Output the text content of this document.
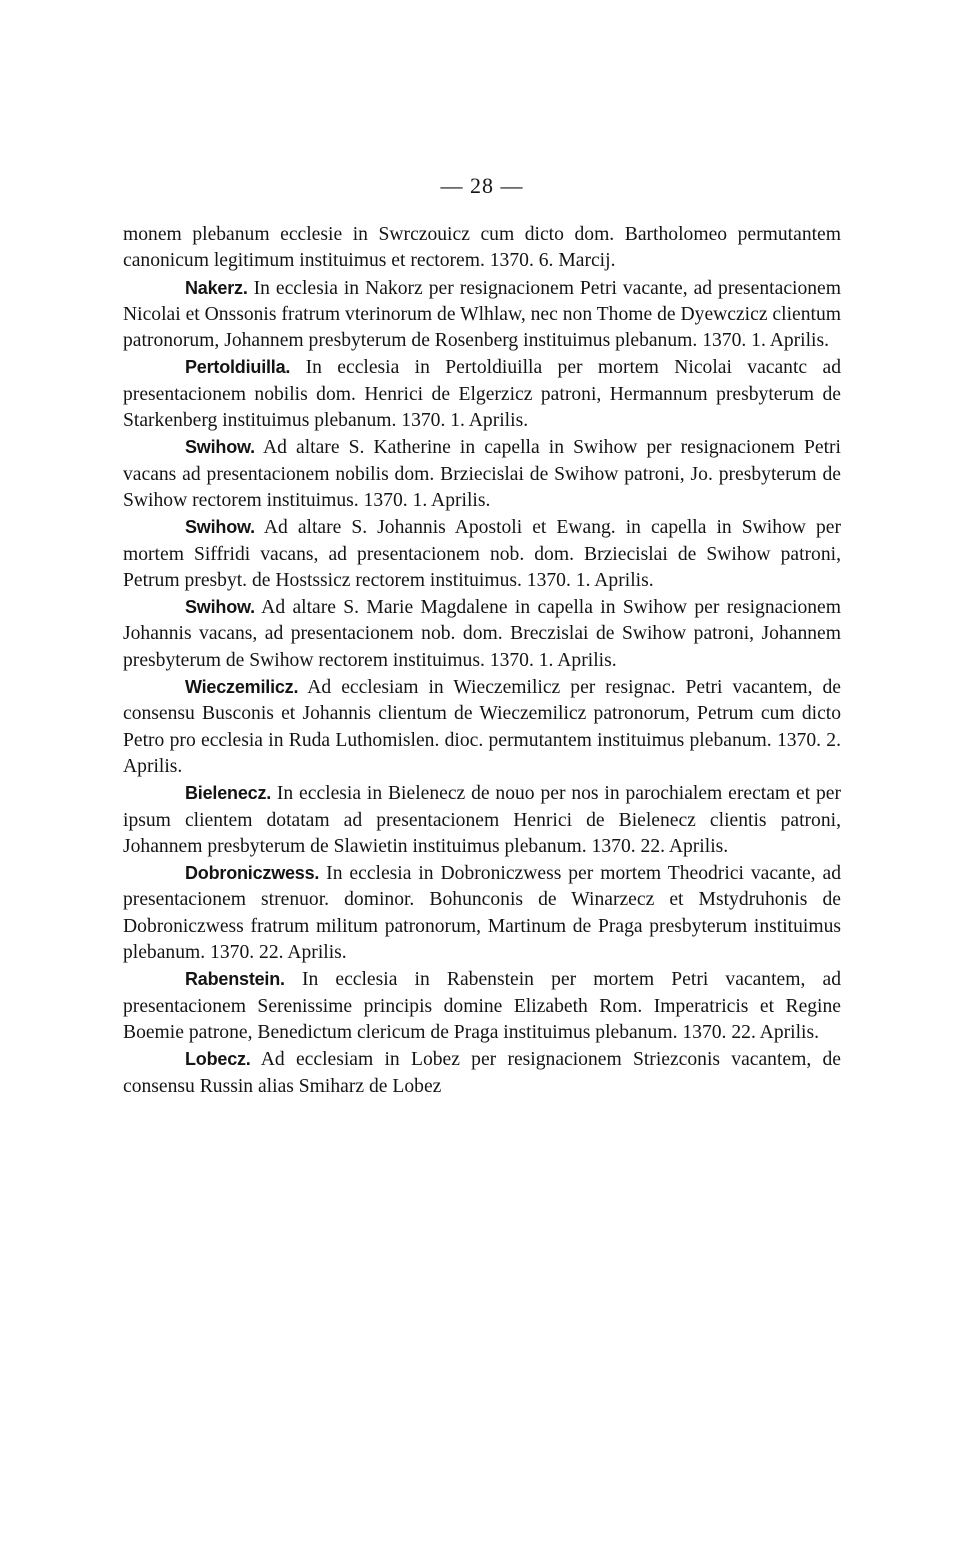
— 28 —

monem plebanum ecclesie in Swrczouicz cum dicto dom. Bartholomeo permutantem canonicum legitimum instituimus et rectorem. 1370. 6. Marcij.

Nakerz. In ecclesia in Nakorz per resignacionem Petri vacante, ad presentacionem Nicolai et Onssonis fratrum vterinorum de Wlhlaw, nec non Thome de Dyewczicz clientum patronorum, Johannem presbyterum de Rosenberg instituimus plebanum. 1370. 1. Aprilis.

Pertoldiuilla. In ecclesia in Pertoldiuilla per mortem Nicolai vacantc ad presentacionem nobilis dom. Henrici de Elgerzicz patroni, Hermannum presbyterum de Starkenberg instituimus plebanum. 1370. 1. Aprilis.

Swihow. Ad altare S. Katherine in capella in Swihow per resignacionem Petri vacans ad presentacionem nobilis dom. Brziecislai de Swihow patroni, Jo. presbyterum de Swihow rectorem instituimus. 1370. 1. Aprilis.

Swihow. Ad altare S. Johannis Apostoli et Ewang. in capella in Swihow per mortem Siffridi vacans, ad presentacionem nob. dom. Brziecislai de Swihow patroni, Petrum presbyt. de Hostssicz rectorem instituimus. 1370. 1. Aprilis.

Swihow. Ad altare S. Marie Magdalene in capella in Swihow per resignacionem Johannis vacans, ad presentacionem nob. dom. Breczislai de Swihow patroni, Johannem presbyterum de Swihow rectorem instituimus. 1370. 1. Aprilis.

Wieczemilicz. Ad ecclesiam in Wieczemilicz per resignac. Petri vacantem, de consensu Busconis et Johannis clientum de Wieczemilicz patronorum, Petrum cum dicto Petro pro ecclesia in Ruda Luthomislen. dioc. permutantem instituimus plebanum. 1370. 2. Aprilis.

Bielenecz. In ecclesia in Bielenecz de nouo per nos in parochialem erectam et per ipsum clientem dotatam ad presentacionem Henrici de Bielenecz clientis patroni, Johannem presbyterum de Slawietin instituimus plebanum. 1370. 22. Aprilis.

Dobroniczwess. In ecclesia in Dobroniczwess per mortem Theodrici vacante, ad presentacionem strenuor. dominor. Bohunconis de Winarzecz et Mstydruhonis de Dobroniczwess fratrum militum patronorum, Martinum de Praga presbyterum instituimus plebanum. 1370. 22. Aprilis.

Rabenstein. In ecclesia in Rabenstein per mortem Petri vacantem, ad presentacionem Serenissime principis domine Elizabeth Rom. Imperatricis et Regine Boemie patrone, Benedictum clericum de Praga instituimus plebanum. 1370. 22. Aprilis.

Lobecz. Ad ecclesiam in Lobez per resignacionem Striezconis vacantem, de consensu Russin alias Smiharz de Lobez
